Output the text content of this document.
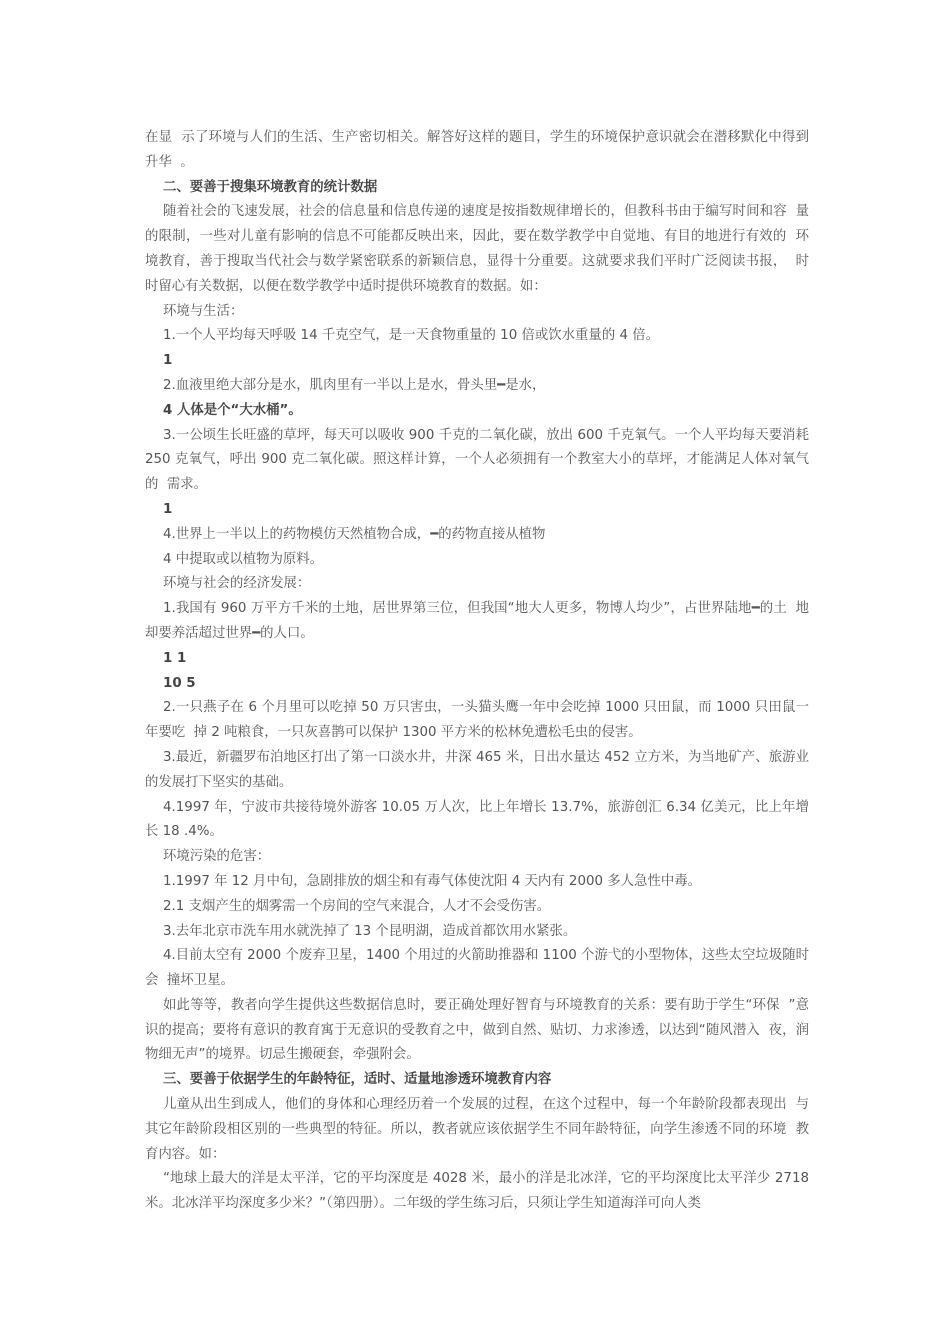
在显  示了环境与人们的生活、生产密切相关。解答好这样的题目，学生的环境保护意识就会在潜移默化中得到升华  。

二、要善于搜集环境教育的统计数据

随着社会的飞速发展，社会的信息量和信息传递的速度是按指数规律增长的，但教科书由于编写时间和容  量的限制，一些对儿童有影响的信息不可能都反映出来，因此，要在数学教学中自觉地、有目的地进行有效的  环境教育，善于搜取当代社会与数学紧密联系的新颖信息，显得十分重要。这就要求我们平时广泛阅读书报，  时时留心有关数据，以便在数学教学中适时提供环境教育的数据。如：

环境与生活：

1.一个人平均每天呼吸 14 千克空气，是一天食物重量的 10 倍或饮水重量的 4 倍。

1

2.血液里绝大部分是水，肌肉里有一半以上是水，骨头里━是水，

4 人体是个“大水桶”。

3.一公顷生长旺盛的草坪，每天可以吸收 900 千克的二氧化碳，放出 600 千克氧气。一个人平均每天要消耗  250 克氧气，呼出 900 克二氧化碳。照这样计算，一个人必须拥有一个教室大小的草坪，才能满足人体对氧气的  需求。

1

4.世界上一半以上的药物模仿天然植物合成，━的药物直接从植物

4 中提取或以植物为原料。

环境与社会的经济发展：

1.我国有 960 万平方千米的土地，居世界第三位，但我国“地大人更多，物博人均少”，占世界陆地━的土  地却要养活超过世界━的人口。

1 1

10 5

2.一只燕子在 6 个月里可以吃掉 50 万只害虫，一头猫头鹰一年中会吃掉 1000 只田鼠，而 1000 只田鼠一年要吃  掉 2 吨粮食，一只灰喜鹊可以保护 1300 平方米的松林免遭松毛虫的侵害。

3.最近，新疆罗布泊地区打出了第一口淡水井，井深 465 米，日出水量达 452 立方米，为当地矿产、旅游业  的发展打下坚实的基础。

4.1997 年，宁波市共接待境外游客 10.05 万人次，比上年增长 13.7%，旅游创汇 6.34 亿美元，比上年增长 18 .4%。

环境污染的危害：

1.1997 年 12 月中旬，急剧排放的烟尘和有毒气体使沈阳 4 天内有 2000 多人急性中毒。

2.1 支烟产生的烟雾需一个房间的空气来混合，人才不会受伤害。

3.去年北京市洗车用水就洗掉了 13 个昆明湖，造成首都饮用水紧张。

4.目前太空有 2000 个废弃卫星，1400 个用过的火箭助推器和 1100 个游弋的小型物体，这些太空垃圾随时会  撞坏卫星。

如此等等，教者向学生提供这些数据信息时，要正确处理好智育与环境教育的关系：要有助于学生“环保  ”意识的提高；要将有意识的教育寓于无意识的受教育之中，做到自然、贴切、力求渗透，以达到“随风潜入  夜，润物细无声”的境界。切忌生搬硬套，牵强附会。

三、要善于依据学生的年龄特征，适时、适量地渗透环境教育内容

儿童从出生到成人，他们的身体和心理经历着一个发展的过程，在这个过程中，每一个年龄阶段都表现出  与其它年龄阶段相区别的一些典型的特征。所以，教者就应该依据学生不同年龄特征，向学生渗透不同的环境  教育内容。如：

“地球上最大的洋是太平洋，它的平均深度是 4028 米，最小的洋是北冰洋，它的平均深度比太平洋少 2718 米。北冰洋平均深度多少米？”（第四册）。二年级的学生练习后，只须让学生知道海洋可向人类
